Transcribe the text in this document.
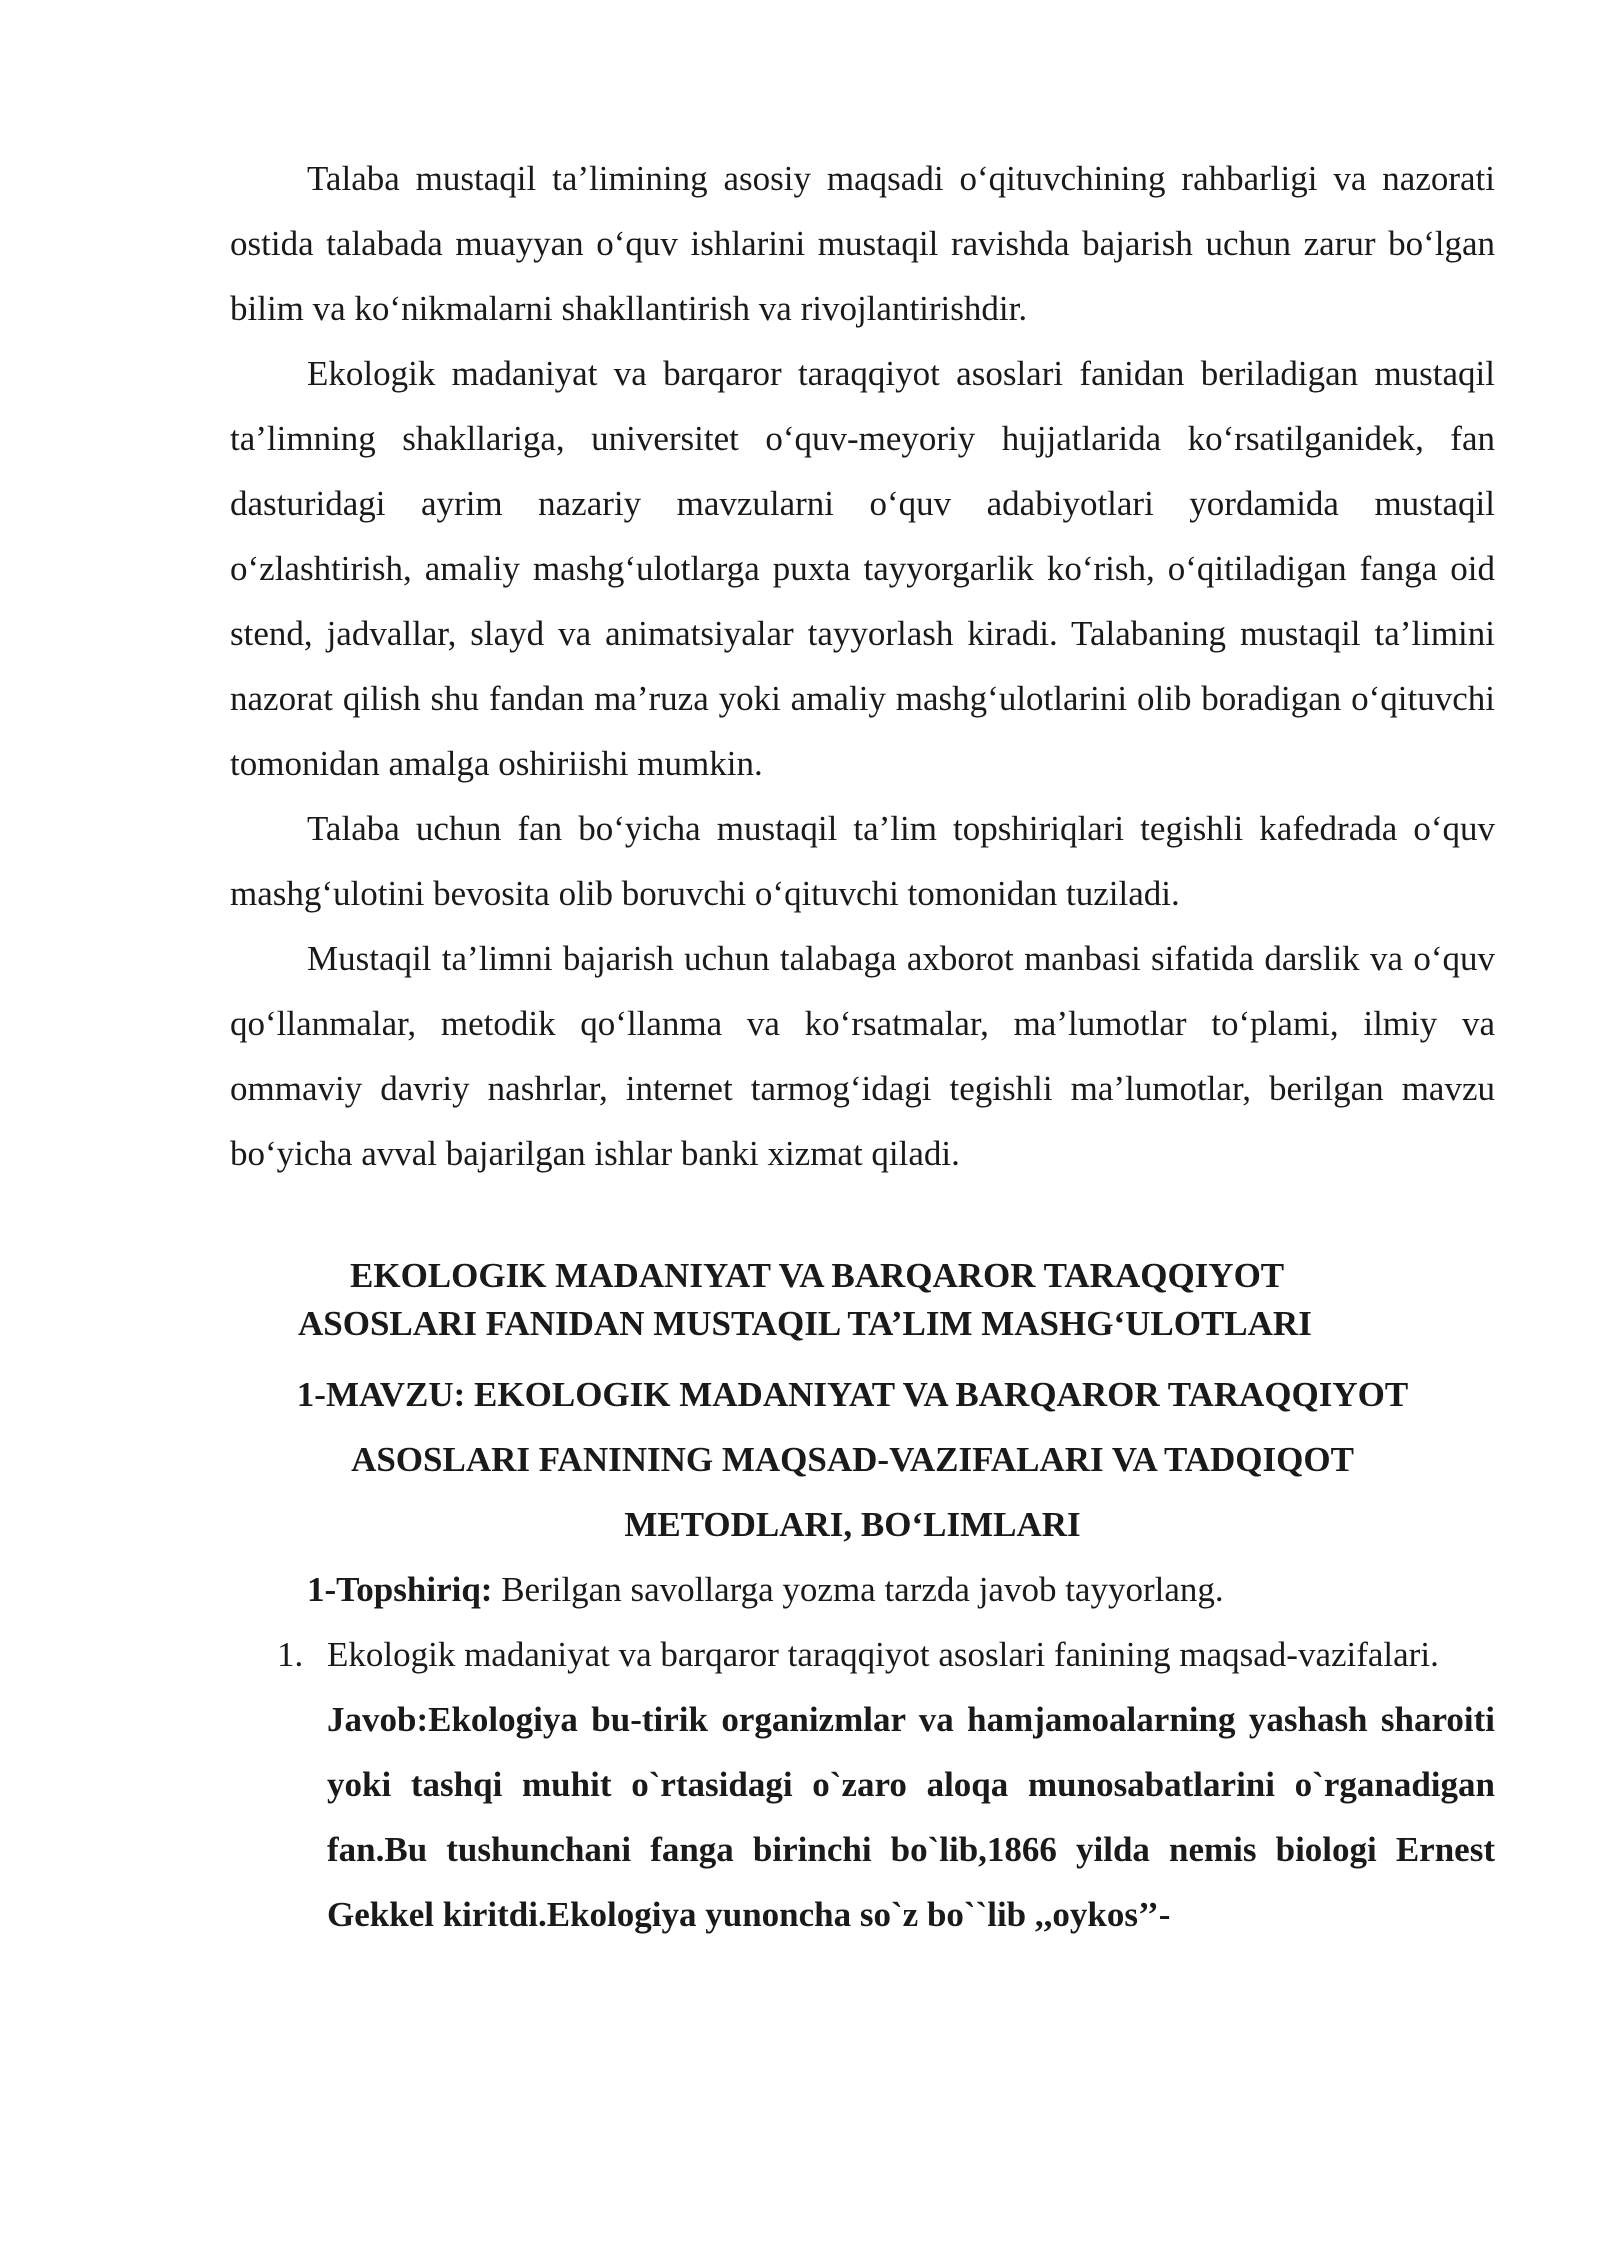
Talaba mustaqil ta’limining asosiy maqsadi o‘qituvchining rahbarligi va nazorati ostida talabada muayyan o‘quv ishlarini mustaqil ravishda bajarish uchun zarur bo‘lgan bilim va ko‘nikmalarni shakllantirish va rivojlantirishdir.

Ekologik madaniyat va barqaror taraqqiyot asoslari fanidan beriladigan mustaqil ta’limning shakllariga, universitet o‘quv-meyoriy hujjatlarida ko‘rsatilganidek, fan dasturidagi ayrim nazariy mavzularni o‘quv adabiyotlari yordamida mustaqil o‘zlashtirish, amaliy mashg‘ulotlarga puxta tayyorgarlik ko‘rish, o‘qitiladigan fanga oid stend, jadvallar, slayd va animatsiyalar tayyorlash kiradi. Talabaning mustaqil ta’limini nazorat qilish shu fandan ma’ruza yoki amaliy mashg‘ulotlarini olib boradigan o‘qituvchi tomonidan amalga oshiriishi mumkin.

Talaba uchun fan bo‘yicha mustaqil ta’lim topshiriqlari tegishli kafedrada o‘quv mashg‘ulotini bevosita olib boruvchi o‘qituvchi tomonidan tuziladi.

Mustaqil ta’limni bajarish uchun talabaga axborot manbasi sifatida darslik va o‘quv qo‘llanmalar, metodik qo‘llanma va ko‘rsatmalar, ma’lumotlar to‘plami, ilmiy va ommaviy davriy nashrlar, internet tarmog‘idagi tegishli ma’lumotlar, berilgan mavzu bo‘yicha avval bajarilgan ishlar banki xizmat qiladi.

EKOLOGIK MADANIYAT VA BARQAROR TARAQQIYOT

ASOSLARI FANIDAN MUSTAQIL TA’LIM MASHG‘ULOTLARI

1-MAVZU: EKOLOGIK MADANIYAT VA BARQAROR TARAQQIYOT

ASOSLARI FANINING MAQSAD-VAZIFALARI VA TADQIQOT

METODLARI, BO‘LIMLARI

1-Topshiriq: Berilgan savollarga yozma tarzda javob tayyorlang.

1. Ekologik madaniyat va barqaror taraqqiyot asoslari fanining maqsad-vazifalari.

Javob:Ekologiya bu-tirik organizmlar va hamjamoalarning yashash sharoiti yoki tashqi muhit o`rtasidagi o`zaro aloqa munosabatlarini o`rganadigan fan.Bu tushunchani fanga birinchi bo`lib,1866 yilda nemis biologi Ernest Gekkel kiritdi.Ekologiya yunoncha so`z bo``lib ,,oykos’’-
